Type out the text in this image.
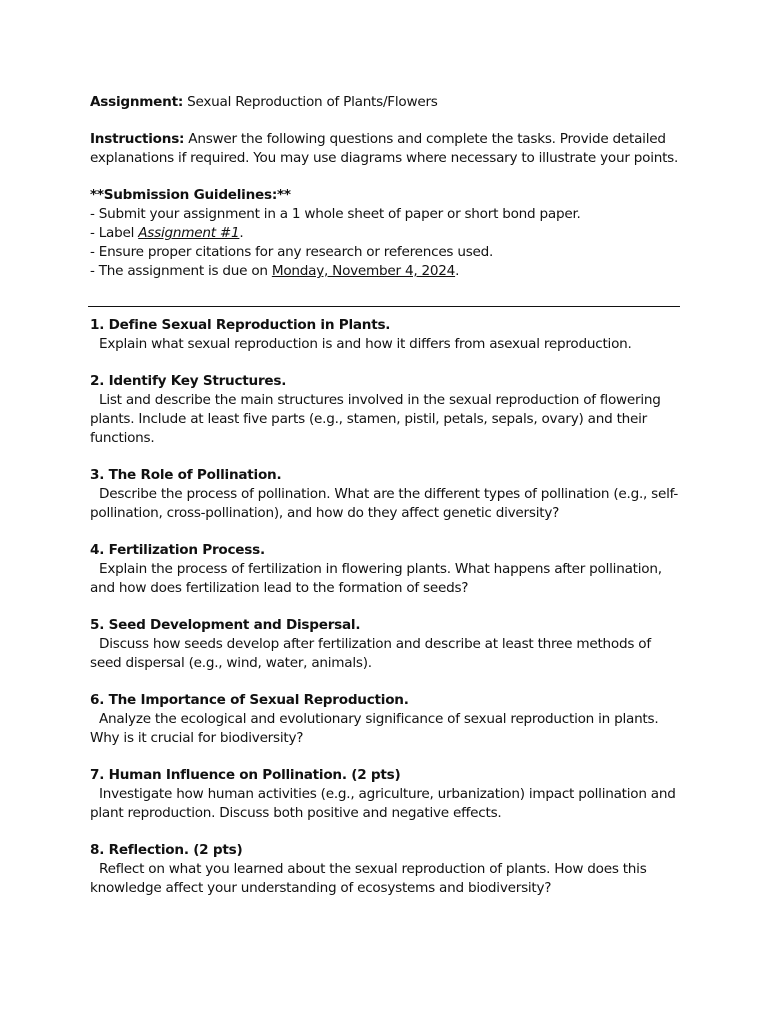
Assignment: Sexual Reproduction of Plants/Flowers

Instructions: Answer the following questions and complete the tasks. Provide detailed explanations if required. You may use diagrams where necessary to illustrate your points.

**Submission Guidelines:**

- Submit your assignment in a 1 whole sheet of paper or short bond paper.

- Label Assignment #1.

- Ensure proper citations for any research or references used.

- The assignment is due on Monday, November 4, 2024.

1. Define Sexual Reproduction in Plants.

Explain what sexual reproduction is and how it differs from asexual reproduction.

2. Identify Key Structures.

List and describe the main structures involved in the sexual reproduction of flowering plants. Include at least five parts (e.g., stamen, pistil, petals, sepals, ovary) and their functions.

3. The Role of Pollination.

Describe the process of pollination. What are the different types of pollination (e.g., self-pollination, cross-pollination), and how do they affect genetic diversity?

4. Fertilization Process.

Explain the process of fertilization in flowering plants. What happens after pollination, and how does fertilization lead to the formation of seeds?

5. Seed Development and Dispersal.

Discuss how seeds develop after fertilization and describe at least three methods of seed dispersal (e.g., wind, water, animals).

6. The Importance of Sexual Reproduction.

Analyze the ecological and evolutionary significance of sexual reproduction in plants. Why is it crucial for biodiversity?

7. Human Influence on Pollination. (2 pts)

Investigate how human activities (e.g., agriculture, urbanization) impact pollination and plant reproduction. Discuss both positive and negative effects.

8. Reflection. (2 pts)

Reflect on what you learned about the sexual reproduction of plants. How does this knowledge affect your understanding of ecosystems and biodiversity?
